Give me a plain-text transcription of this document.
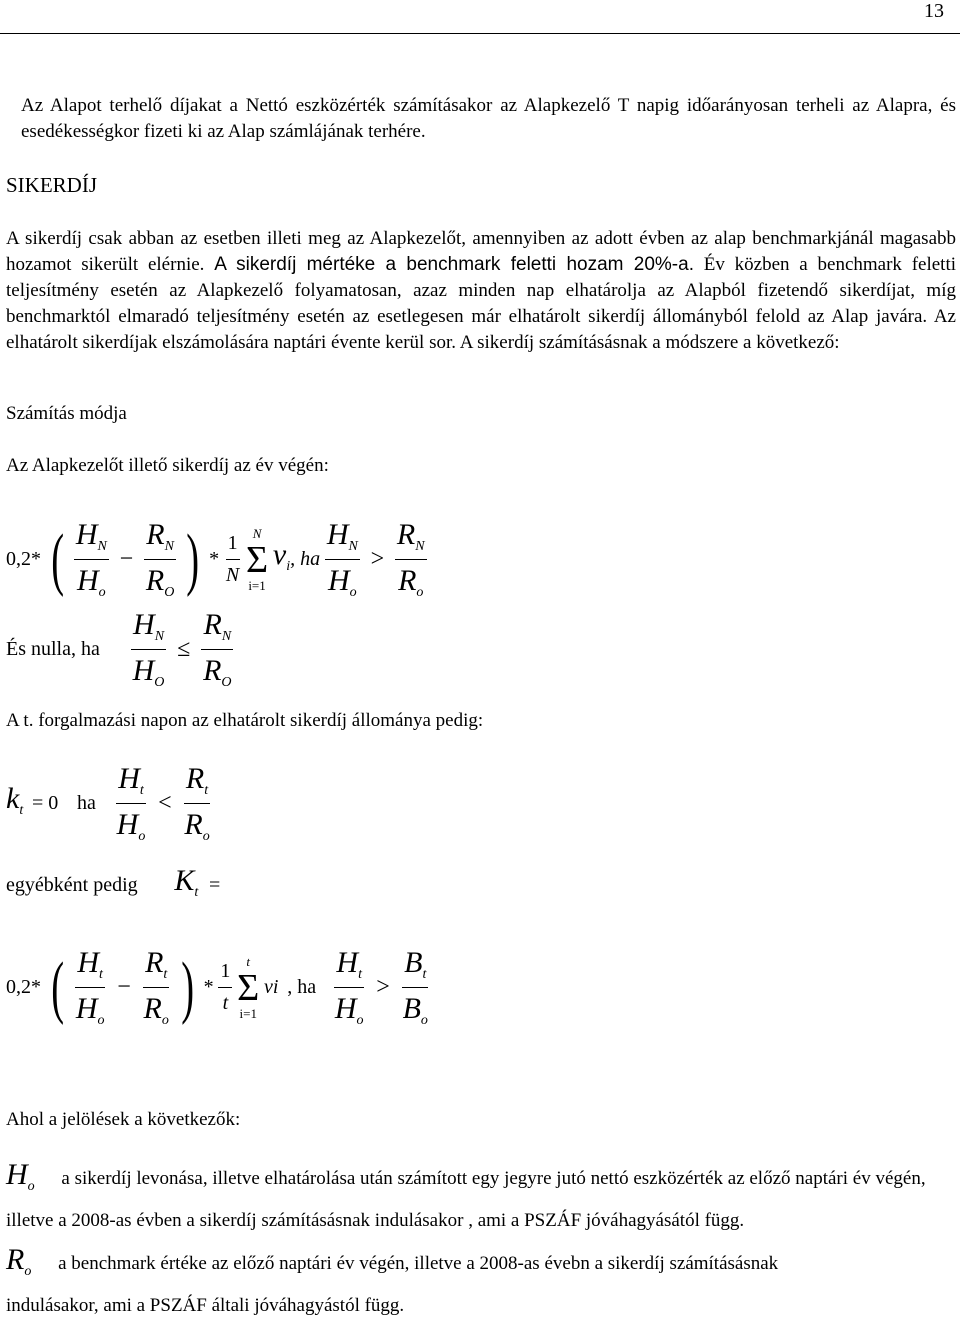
13
Az Alapot terhelő díjakat a Nettó eszközérték számításakor az Alapkezelő T napig időarányosan terheli az Alapra, és esedékességkor fizeti ki az Alap számlájának terhére.
SIKERDÍJ
A sikerdíj csak abban az esetben illeti meg az Alapkezelőt, amennyiben az adott évben az alap benchmarkjánál magasabb hozamot sikerült elérnie. A sikerdíj mértéke a benchmark feletti hozam 20%-a. Év közben a benchmark feletti teljesítmény esetén az Alapkezelő folyamatosan, azaz minden nap elhatárolja az Alapból fizetendő sikerdíjat, míg benchmarktól elmaradó teljesítmény esetén az esetlegesen már elhatárolt sikerdíj állományból felold az Alap javára. Az elhatárolt sikerdíjak elszámolására naptári évente kerül sor. A sikerdíj számításásnak a módszere a következő:
Számítás módja
Az Alapkezelőt illető sikerdíj az év végén:
0,2* ( $\frac{H_N}{H_o} - \frac{R_N}{R_O}$ ) * $\frac{1}{N}$
N
Σ
i=1
$v_i$, ha $\frac{H_N}{H_o} > \frac{R_N}{R_o}$
És nulla, ha $\frac{H_N}{H_O} \le \frac{R_N}{R_O}$
A t. forgalmazási napon az elhatárolt sikerdíj állománya pedig:
$k_t = 0$ ha $\frac{H_t}{H_o} < \frac{R_t}{R_o}$
egyébként pedig $K_t$ =
0,2* ( $\frac{H_t}{H_o} - \frac{R_t}{R_o}$ ) * $\frac{1}{t}$
t
Σ
i=1
vi , ha $\frac{H_t}{H_o} > \frac{B_t}{B_o}$
Ahol a jelölések a következők:
$H_o$ a sikerdíj levonása, illetve elhatárolása után számított egy jegyre jutó nettó eszközérték az előző naptári év végén, illetve a 2008-as évben a sikerdíj számításásnak indulásakor , ami a PSZÁF jóváhagyásától függ.
$R_o$ a benchmark értéke az előző naptári év végén, illetve a 2008-as évebn a sikerdíj számításásnak
indulásakor, ami a PSZÁF általi jóváhagyástól függ.
